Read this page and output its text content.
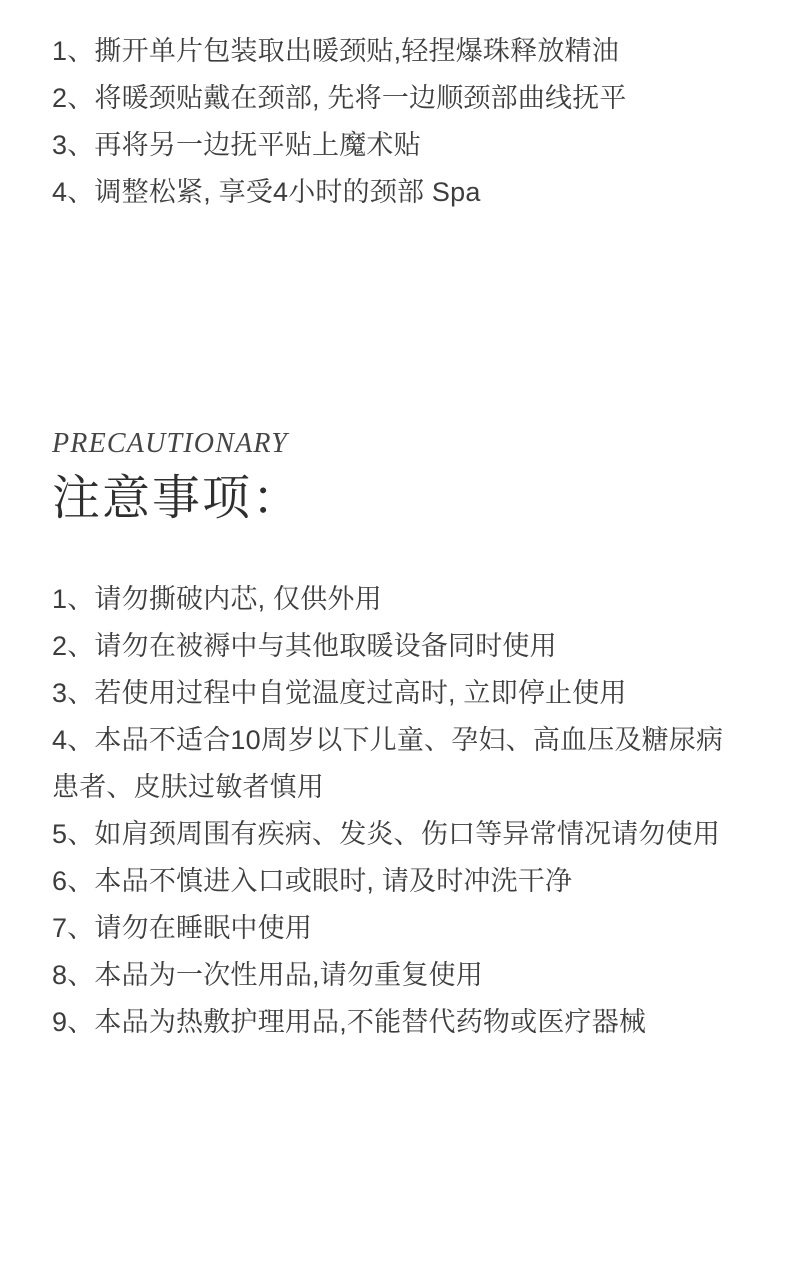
1、撕开单片包装取出暖颈贴,轻捏爆珠释放精油
2、将暖颈贴戴在颈部, 先将一边顺颈部曲线抚平
3、再将另一边抚平贴上魔术贴
4、调整松紧, 享受4小时的颈部 Spa
PRECAUTIONARY
注意事项：
1、请勿撕破内芯, 仅供外用
2、请勿在被褥中与其他取暖设备同时使用
3、若使用过程中自觉温度过高时, 立即停止使用
4、本品不适合10周岁以下儿童、孕妇、高血压及糖尿病患者、皮肤过敏者慎用
5、如肩颈周围有疾病、发炎、伤口等异常情况请勿使用
6、本品不慎进入口或眼时, 请及时冲洗干净
7、请勿在睡眠中使用
8、本品为一次性用品,请勿重复使用
9、本品为热敷护理用品,不能替代药物或医疗器械
